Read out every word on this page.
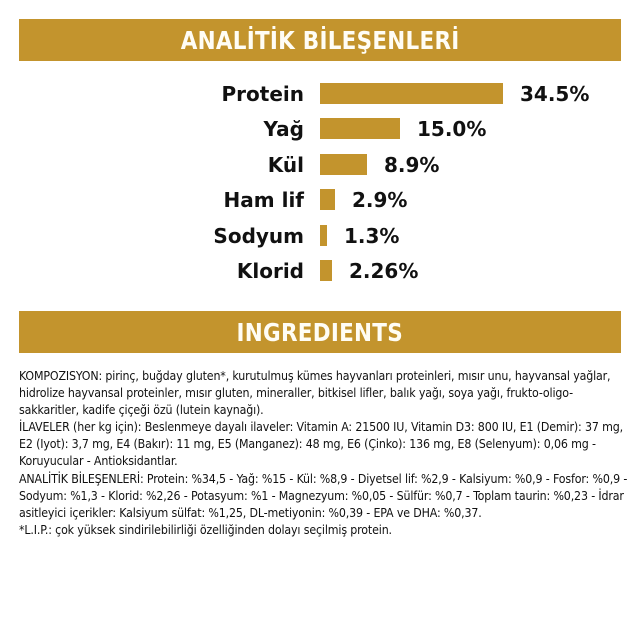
ANALİTİK BİLEŞENLERİ
Protein	34.5%
Yağ	15.0%
Kül	8.9%
Ham lif 2.9%
Sodyum 1.3%
Klorid 2.26%
INGREDIENTS

KOMPOZISYON: pirinç, buğday gluten*, kurutulmuş kümes hayvanları proteinleri, mısır unu, hayvansal yağlar, hidrolize hayvansal proteinler, mısır gluten, mineraller, bitkisel lifler, balık yağı, soya yağı, frukto-oligo-sakkaritler, kadife çiçeği özü (lutein kaynağı).

İLAVELER (her kg için): Beslenmeye dayalı ilaveler: Vitamin A: 21500 IU, Vitamin D3: 800 IU, E1 (Demir): 37 mg, E2 (Iyot): 3,7 mg, E4 (Bakır): 11 mg, E5 (Manganez): 48 mg, E6 (Çinko): 136 mg, E8 (Selenyum): 0,06 mg - Koruyucular - Antioksidantlar.

ANALİTİK BİLEŞENLERİ: Protein: %34,5 - Yağ: %15 - Kül: %8,9 - Diyetsel lif: %2,9 - Kalsiyum: %0,9 - Fosfor: %0,9 - Sodyum: %1,3 - Klorid: %2,26 - Potasyum: %1 - Magnezyum: %0,05 - Sülfür: %0,7 - Toplam taurin: %0,23 - İdrar asitleyici içerikler: Kalsiyum sülfat: %1,25, DL-metiyonin: %0,39 - EPA ve DHA: %0,37.

*L.I.P.: çok yüksek sindirilebilirliği özelliğinden dolayı seçilmiş protein.
